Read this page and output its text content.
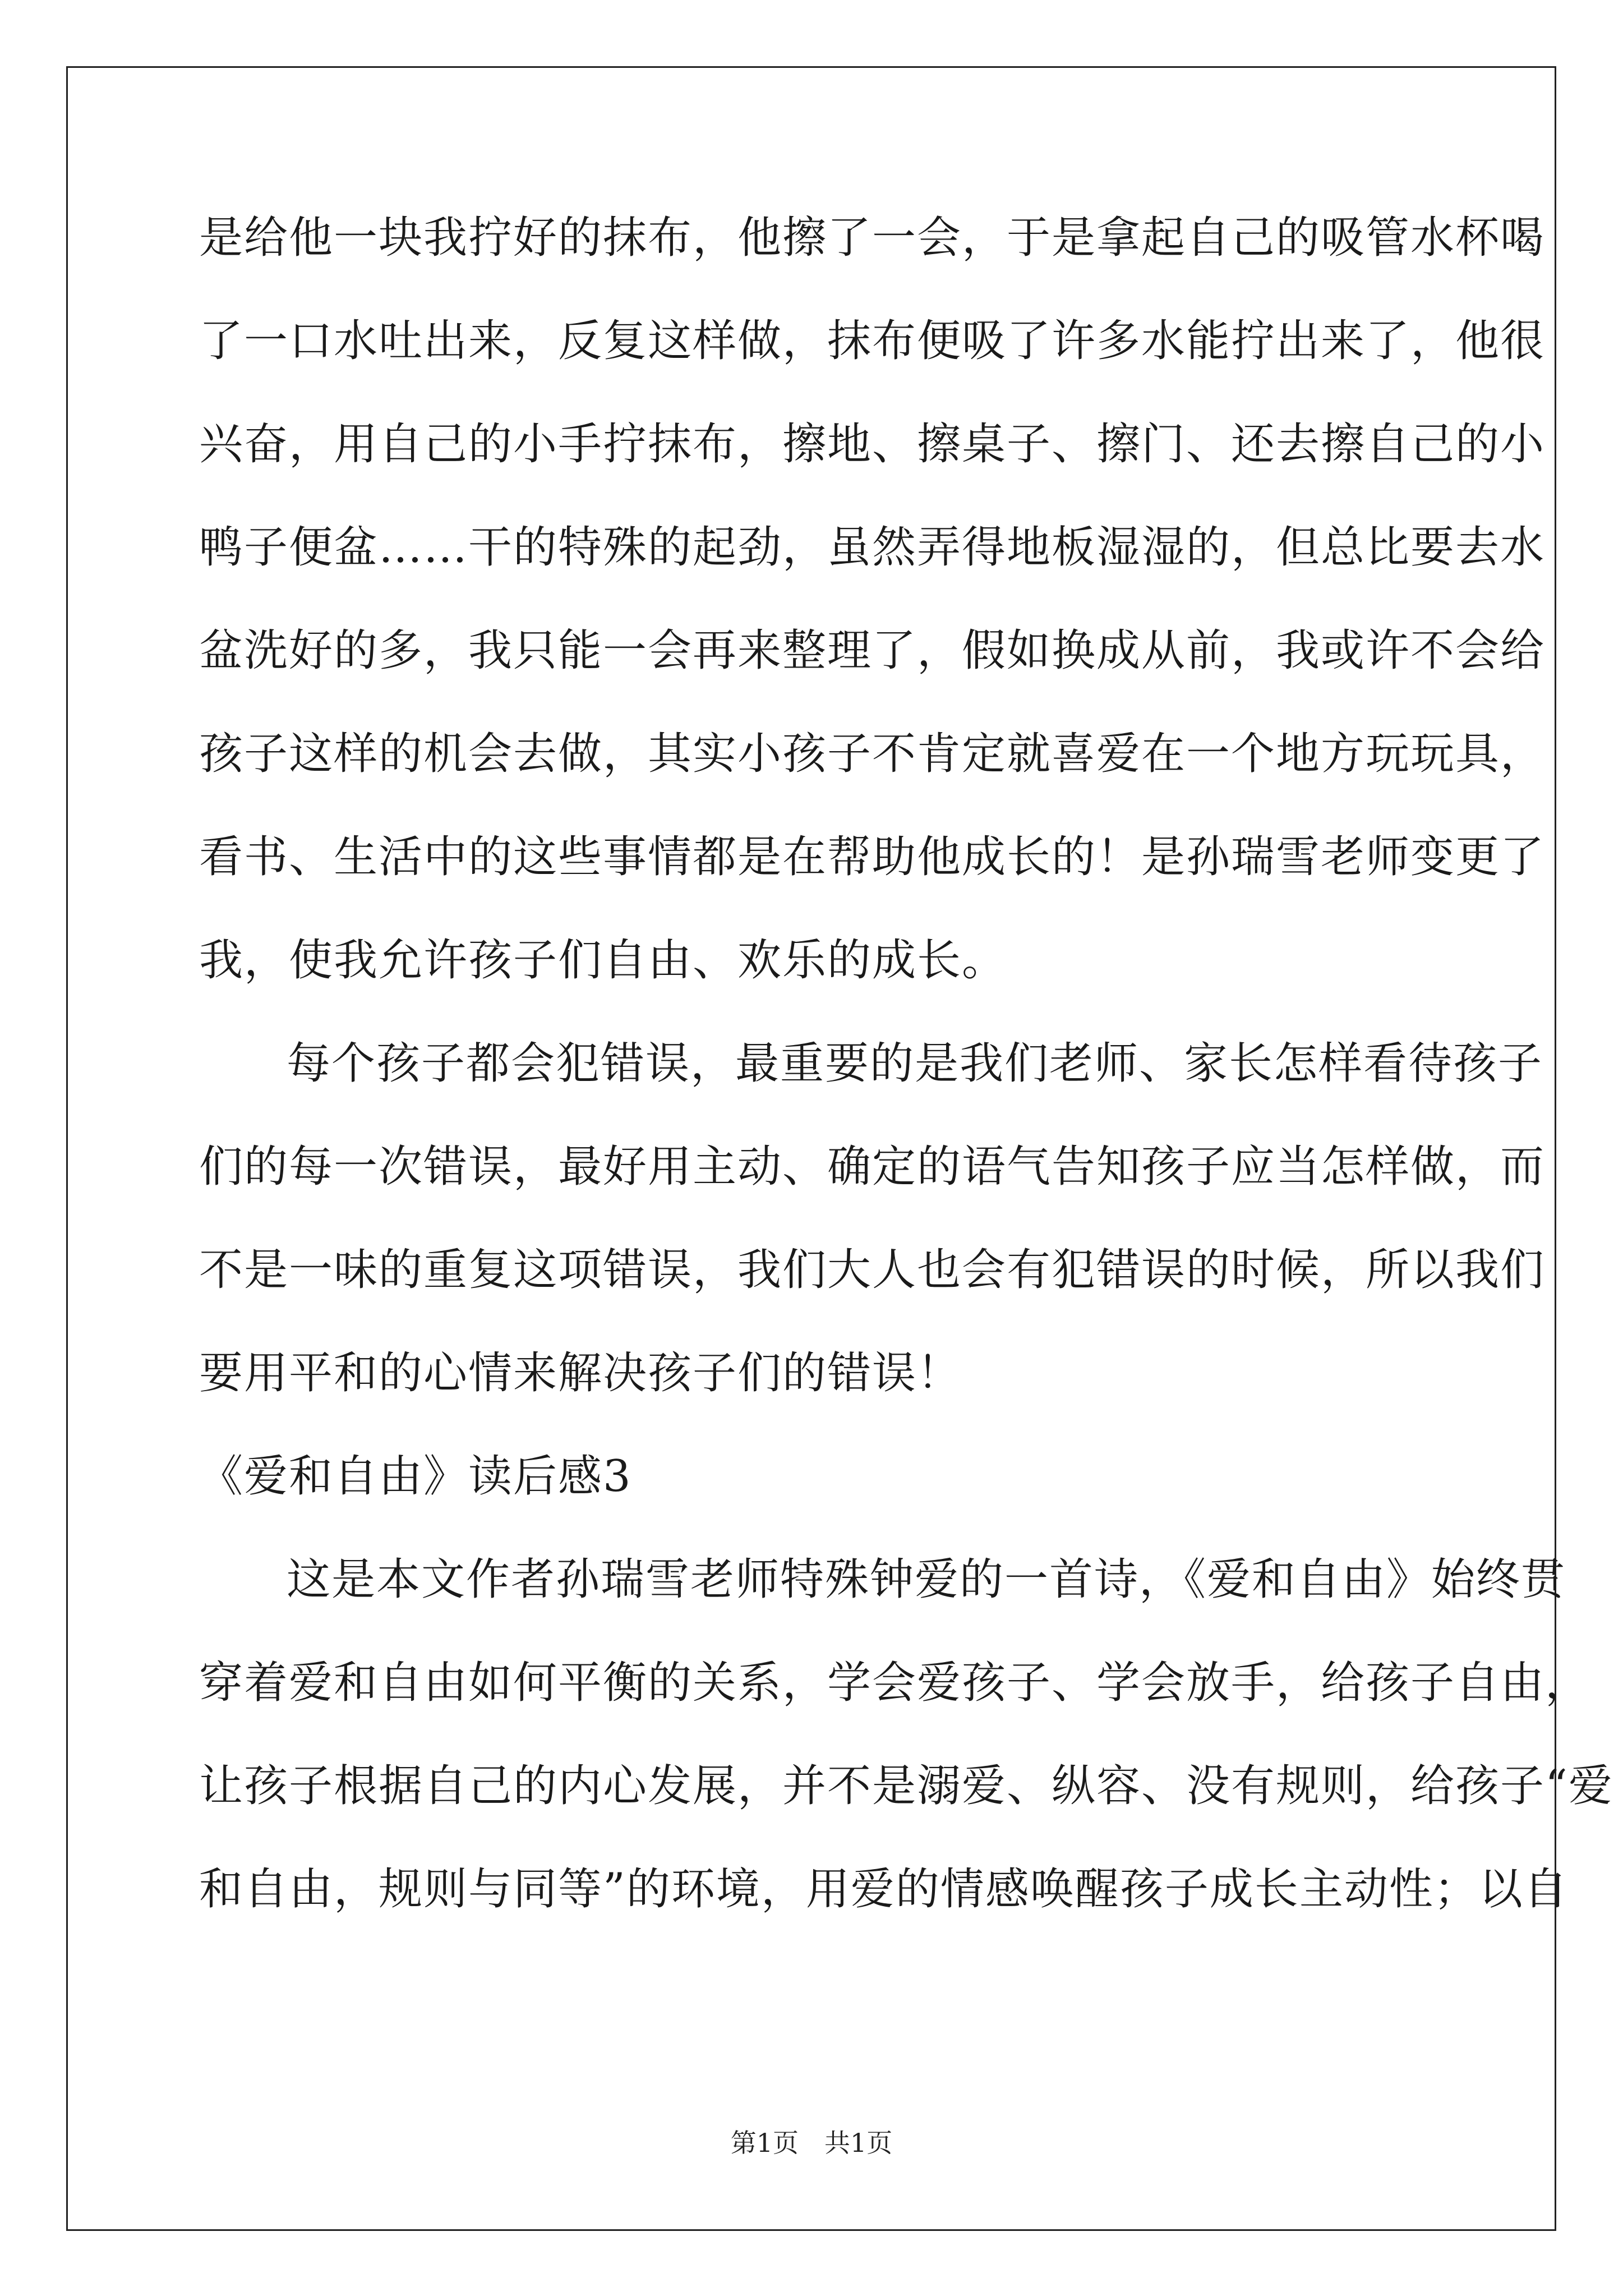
是给他一块我拧好的抹布，他擦了一会，于是拿起自己的吸管水杯喝
了一口水吐出来，反复这样做，抹布便吸了许多水能拧出来了，他很
兴奋，用自己的小手拧抹布，擦地、擦桌子、擦门、还去擦自己的小
鸭子便盆……干的特殊的起劲，虽然弄得地板湿湿的，但总比要去水
盆洗好的多，我只能一会再来整理了，假如换成从前，我或许不会给
孩子这样的机会去做，其实小孩子不肯定就喜爱在一个地方玩玩具，
看书、生活中的这些事情都是在帮助他成长的！是孙瑞雪老师变更了
我，使我允许孩子们自由、欢乐的成长。
每个孩子都会犯错误，最重要的是我们老师、家长怎样看待孩子
们的每一次错误，最好用主动、确定的语气告知孩子应当怎样做，而
不是一味的重复这项错误，我们大人也会有犯错误的时候，所以我们
要用平和的心情来解决孩子们的错误！
《爱和自由》读后感3
这是本文作者孙瑞雪老师特殊钟爱的一首诗，《爱和自由》始终贯
穿着爱和自由如何平衡的关系，学会爱孩子、学会放手，给孩子自由，
让孩子根据自己的内心发展，并不是溺爱、纵容、没有规则，给孩子“爱
和自由，规则与同等”的环境，用爱的情感唤醒孩子成长主动性；以自
第1页　共1页
